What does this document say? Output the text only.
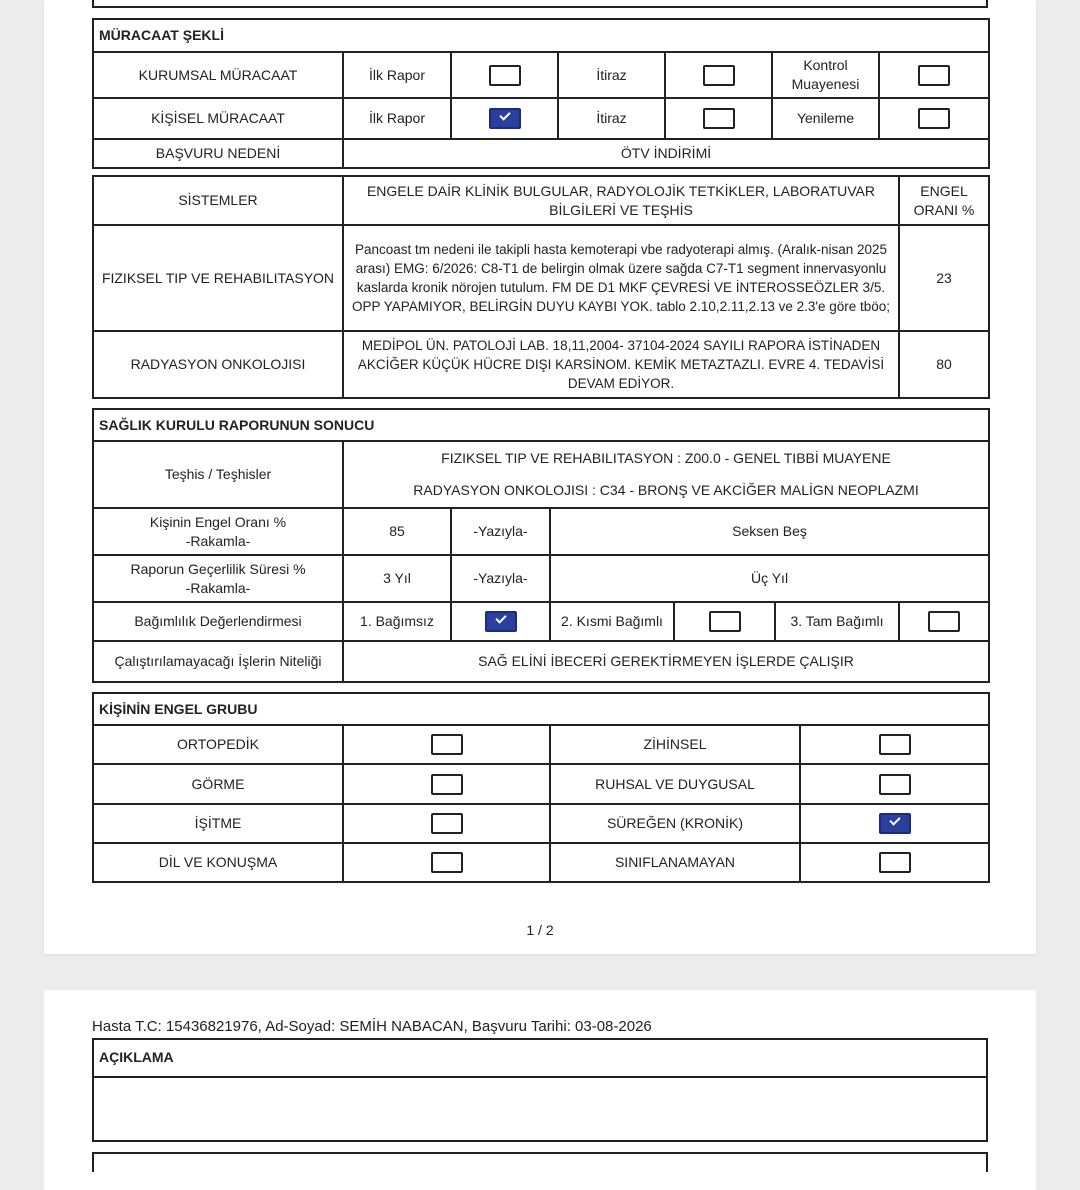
MÜRACAAT ŞEKLİ						
KURUMSAL MÜRACAAT	İlk Rapor		İtiraz		Kontrol Muayenesi	
KİŞİSEL MÜRACAAT	İlk Rapor		İtiraz		Yenileme	
BAŞVURU NEDENİ	ÖTV İNDİRİMİ					
SİSTEMLER	ENGELE DAİR KLİNİK BULGULAR, RADYOLOJİK TETKİKLER, LABORATUVAR BİLGİLERİ VE TEŞHİS	ENGEL ORANI %
FIZIKSEL TIP VE REHABILITASYON	Pancoast tm nedeni ile takipli hasta kemoterapi vbe radyoterapi almış. (Aralık-nisan 2025 arası) EMG: 6/2026: C8-T1 de belirgin olmak üzere sağda C7-T1 segment innervasyonlu kaslarda kronik nörojen tutulum. FM DE D1 MKF ÇEVRESİ VE İNTEROSSEÖZLER 3/5. OPP YAPAMIYOR, BELİRGİN DUYU KAYBI YOK. tablo 2.10,2.11,2.13 ve 2.3'e göre tböo;	23
RADYASYON ONKOLOJISI	MEDİPOL ÜN. PATOLOJİ LAB. 18,11,2004- 37104-2024 SAYILI RAPORA İSTİNADEN AKCİĞER KÜÇÜK HÜCRE DIŞI KARSİNOM. KEMİK METAZTAZLI. EVRE 4. TEDAVİSİ DEVAM EDİYOR.	80
SAĞLIK KURULU RAPORUNUN SONUCU						
Teşhis / Teşhisler	FIZIKSEL TIP VE REHABILITASYON : Z00.0 - GENEL TIBBİ MUAYENE
RADYASYON ONKOLOJISI : C34 - BRONŞ VE AKCİĞER MALİGN NEOPLAZMI					

Kişinin Engel Oranı %
-Rakamla-	85	-Yazıyla-	Seksen Beş			

Raporun Geçerlilik Süresi %
-Rakamla-	3 Yıl	-Yazıyla-	Üç Yıl			
Bağımlılık Değerlendirmesi	1. Bağımsız		2. Kısmi Bağımlı		3. Tam Bağımlı	
Çalıştırılamayacağı İşlerin Niteliği	SAĞ ELİNİ İBECERİ GEREKTİRMEYEN İŞLERDE ÇALIŞIR					
KİŞİNİN ENGEL GRUBU			
ORTOPEDİK		ZİHİNSEL	
GÖRME		RUHSAL VE DUYGUSAL	
İŞİTME		SÜREĞEN (KRONİK)	
DİL VE KONUŞMA		SINIFLANAMAYAN	
1 / 2
Hasta T.C: 15436821976, Ad-Soyad: SEMİH NABACAN, Başvuru Tarihi: 03-08-2026
AÇIKLAMA
